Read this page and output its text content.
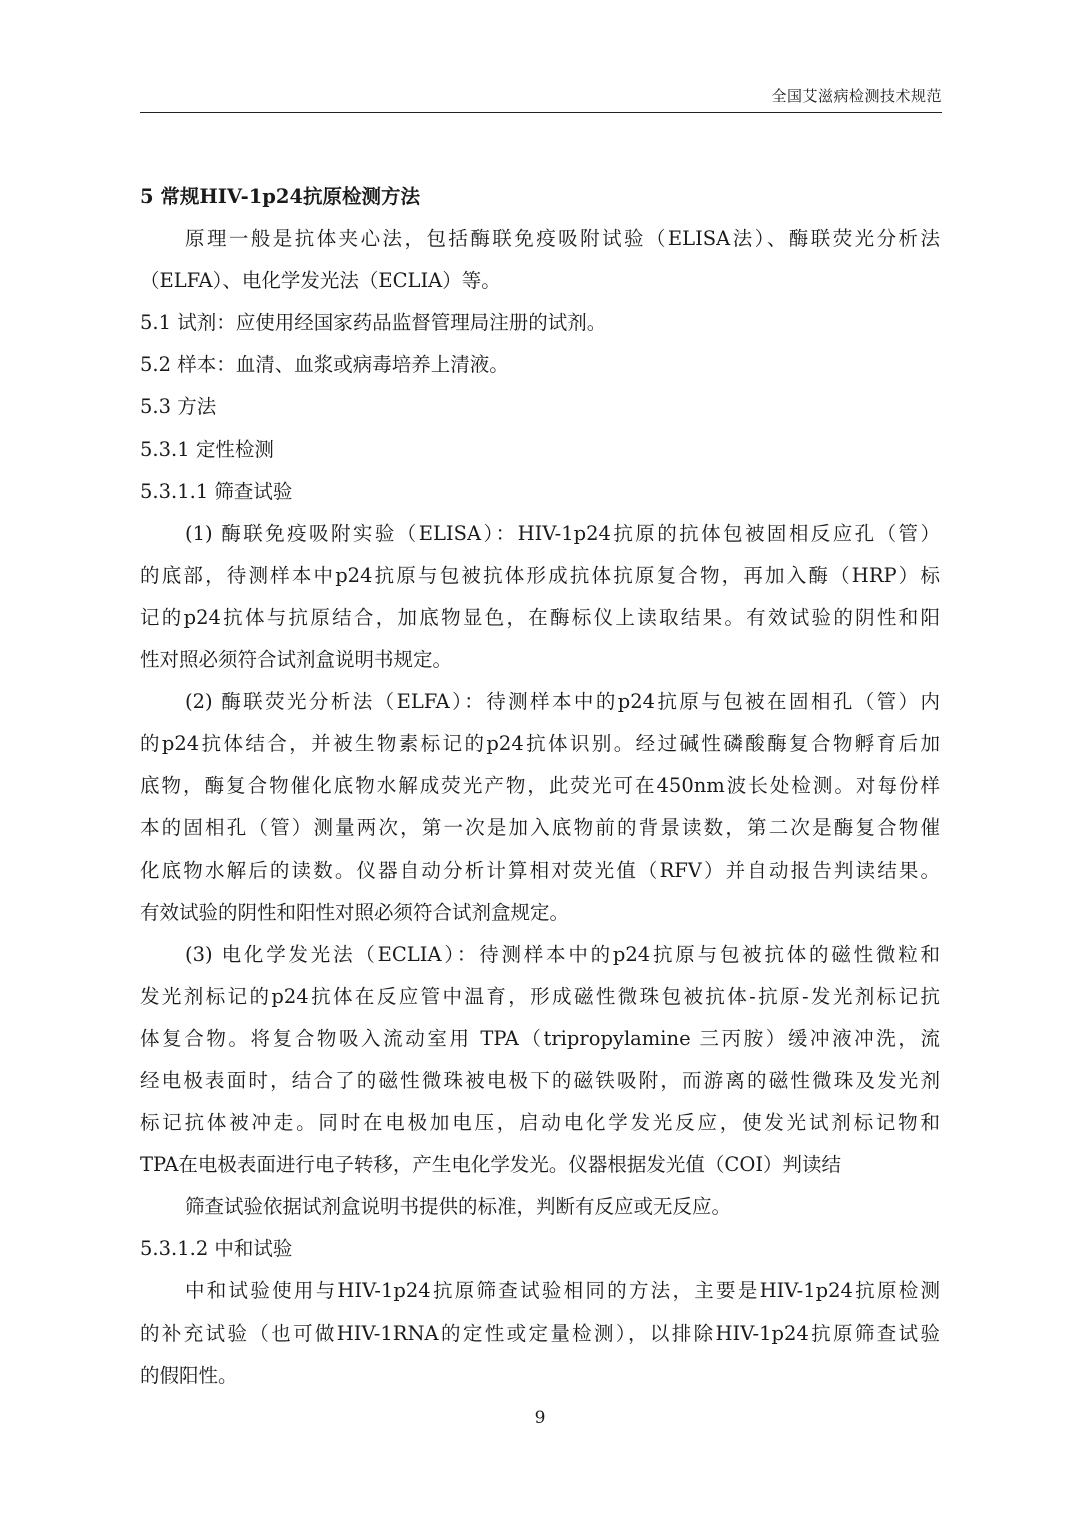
全国艾滋病检测技术规范
5 常规HIV-1p24抗原检测方法
原理一般是抗体夹心法，包括酶联免疫吸附试验（ELISA法）、酶联荧光分析法
（ELFA）、电化学发光法（ECLIA）等。
5.1 试剂：应使用经国家药品监督管理局注册的试剂。
5.2 样本：血清、血浆或病毒培养上清液。
5.3 方法
5.3.1 定性检测
5.3.1.1 筛查试验
(1) 酶联免疫吸附实验（ELISA）：HIV-1p24抗原的抗体包被固相反应孔（管）
的底部，待测样本中p24抗原与包被抗体形成抗体抗原复合物，再加入酶（HRP）标
记的p24抗体与抗原结合，加底物显色，在酶标仪上读取结果。有效试验的阴性和阳
性对照必须符合试剂盒说明书规定。
(2) 酶联荧光分析法（ELFA）：待测样本中的p24抗原与包被在固相孔（管）内
的p24抗体结合，并被生物素标记的p24抗体识别。经过碱性磷酸酶复合物孵育后加
底物，酶复合物催化底物水解成荧光产物，此荧光可在450nm波长处检测。对每份样
本的固相孔（管）测量两次，第一次是加入底物前的背景读数，第二次是酶复合物催
化底物水解后的读数。仪器自动分析计算相对荧光值（RFV）并自动报告判读结果。
有效试验的阴性和阳性对照必须符合试剂盒规定。
(3) 电化学发光法（ECLIA）：待测样本中的p24抗原与包被抗体的磁性微粒和
发光剂标记的p24抗体在反应管中温育，形成磁性微珠包被抗体-抗原-发光剂标记抗
体复合物。将复合物吸入流动室用 TPA（tripropylamine 三丙胺）缓冲液冲洗，流
经电极表面时，结合了的磁性微珠被电极下的磁铁吸附，而游离的磁性微珠及发光剂
标记抗体被冲走。同时在电极加电压，启动电化学发光反应，使发光试剂标记物和
TPA在电极表面进行电子转移，产生电化学发光。仪器根据发光值（COI）判读结
筛查试验依据试剂盒说明书提供的标准，判断有反应或无反应。
5.3.1.2 中和试验
中和试验使用与HIV-1p24抗原筛查试验相同的方法，主要是HIV-1p24抗原检测
的补充试验（也可做HIV-1RNA的定性或定量检测），以排除HIV-1p24抗原筛查试验
的假阳性。
9
